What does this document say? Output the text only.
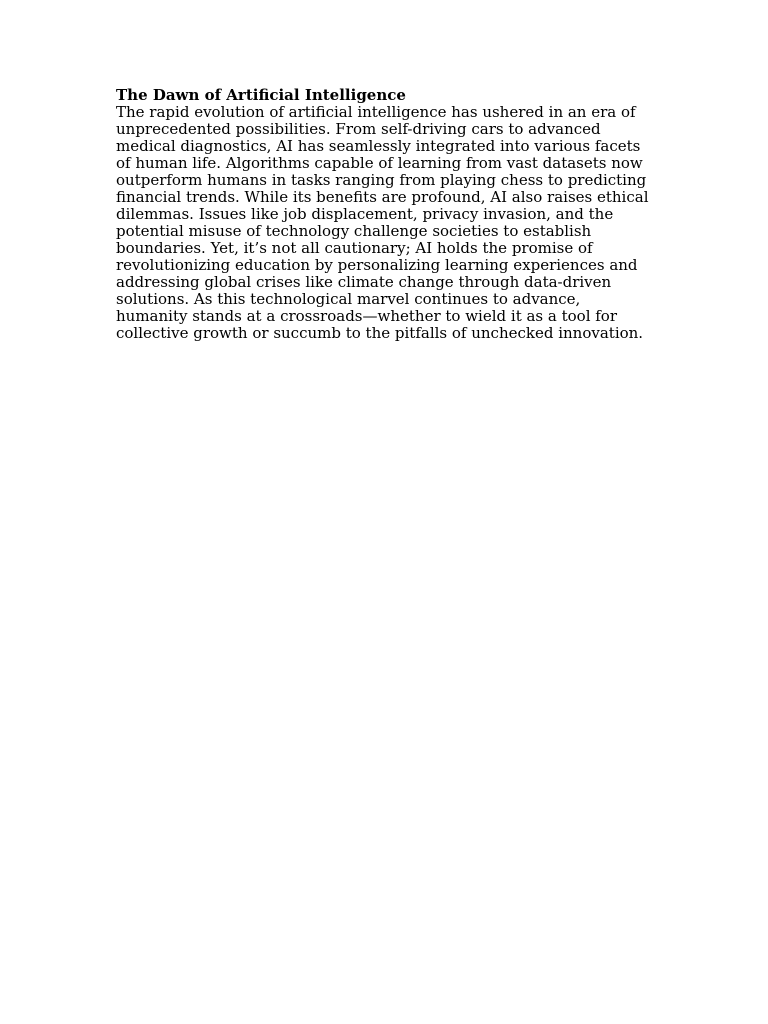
The Dawn of Artificial Intelligence

The rapid evolution of artificial intelligence has ushered in an era of unprecedented possibilities. From self-driving cars to advanced medical diagnostics, AI has seamlessly integrated into various facets of human life. Algorithms capable of learning from vast datasets now outperform humans in tasks ranging from playing chess to predicting financial trends. While its benefits are profound, AI also raises ethical dilemmas. Issues like job displacement, privacy invasion, and the potential misuse of technology challenge societies to establish boundaries. Yet, it’s not all cautionary; AI holds the promise of revolutionizing education by personalizing learning experiences and addressing global crises like climate change through data-driven solutions. As this technological marvel continues to advance, humanity stands at a crossroads—whether to wield it as a tool for collective growth or succumb to the pitfalls of unchecked innovation.
